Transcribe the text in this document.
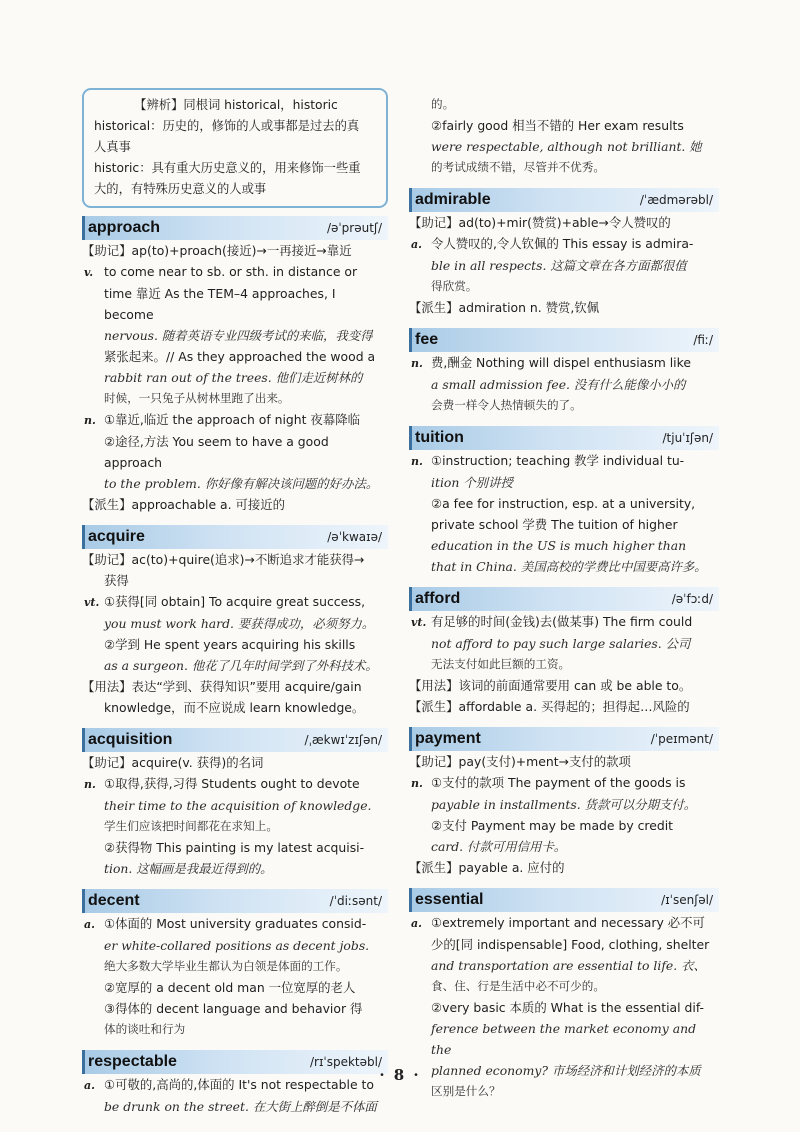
【辨析】同根词 historical，historic
historical：历史的，修饰的人或事都是过去的真
人真事
historic：具有重大历史意义的，用来修饰一些重
大的，有特殊历史意义的人或事
approach	/əˈprəutʃ/

【助记】ap(to)+proach(接近)→一再接近→靠近

v. to come near to sb. or sth. in distance or

time 靠近 As the TEM–4 approaches, I become

nervous. 随着英语专业四级考试的来临，我变得

紧张起来。// As they approached the wood a

rabbit ran out of the trees. 他们走近树林的

时候，一只兔子从树林里跑了出来。

n. ①靠近,临近 the approach of night 夜幕降临

②途径,方法 You seem to have a good approach

to the problem. 你好像有解决该问题的好办法。

【派生】approachable a. 可接近的

acquire	/əˈkwaɪə/

【助记】ac(to)+quire(追求)→不断追求才能获得→

获得

vt. ①获得[同 obtain] To acquire great success,

you must work hard. 要获得成功，必须努力。

②学到 He spent years acquiring his skills

as a surgeon. 他花了几年时间学到了外科技术。

【用法】表达“学到、获得知识”要用 acquire/gain

knowledge，而不应说成 learn knowledge。

acquisition	/ˌækwɪˈzɪʃən/

【助记】acquire(v. 获得)的名词

n. ①取得,获得,习得 Students ought to devote

their time to the acquisition of knowledge.

学生们应该把时间都花在求知上。

②获得物 This painting is my latest acquisi-

tion. 这幅画是我最近得到的。

decent	/ˈdiːsənt/

a. ①体面的 Most university graduates consid-

er white-collared positions as decent jobs.

绝大多数大学毕业生都认为白领是体面的工作。

②宽厚的 a decent old man 一位宽厚的老人

③得体的 decent language and behavior 得

体的谈吐和行为

respectable	/rɪˈspektəbl/

a. ①可敬的,高尚的,体面的 It's not respectable to

be drunk on the street. 在大街上醉倒是不体面

的。

②fairly good 相当不错的 Her exam results

were respectable, although not brilliant. 她

的考试成绩不错，尽管并不优秀。

admirable	/ˈædmərəbl/

【助记】ad(to)+mir(赞赏)+able→令人赞叹的

a. 令人赞叹的,令人钦佩的 This essay is admira-

ble in all respects. 这篇文章在各方面都很值

得欣赏。

【派生】admiration n. 赞赏,钦佩

fee	/fiː/

n. 费,酬金 Nothing will dispel enthusiasm like

a small admission fee. 没有什么能像小小的

会费一样令人热情顿失的了。

tuition	/tjuˈɪʃən/

n. ①instruction; teaching 教学 individual tu-

ition 个别讲授

②a fee for instruction, esp. at a university,

private school 学费 The tuition of higher

education in the US is much higher than

that in China. 美国高校的学费比中国要高许多。

afford	/əˈfɔːd/

vt. 有足够的时间(金钱)去(做某事) The firm could

not afford to pay such large salaries. 公司

无法支付如此巨额的工资。

【用法】该词的前面通常要用 can 或 be able to。

【派生】affordable a. 买得起的；担得起…风险的

payment	/ˈpeɪmənt/

【助记】pay(支付)+ment→支付的款项

n. ①支付的款项 The payment of the goods is

payable in installments. 货款可以分期支付。

②支付 Payment may be made by credit

card. 付款可用信用卡。

【派生】payable a. 应付的

essential	/ɪˈsenʃəl/

a. ①extremely important and necessary 必不可

少的[同 indispensable] Food, clothing, shelter

and transportation are essential to life. 衣、

食、住、行是生活中必不可少的。

②very basic 本质的 What is the essential dif-

ference between the market economy and the

planned economy? 市场经济和计划经济的本质

区别是什么？

· 8 ·
